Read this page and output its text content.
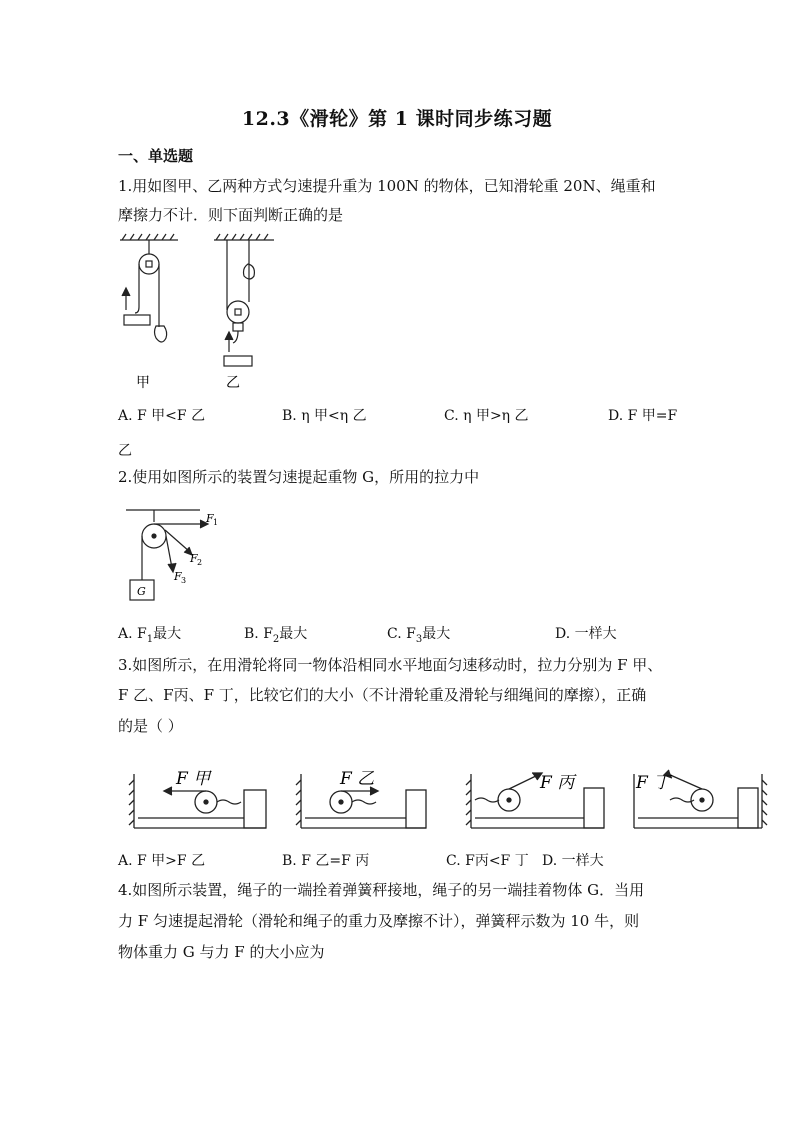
12.3《滑轮》第 1 课时同步练习题
一、单选题
1.用如图甲、乙两种方式匀速提升重为 100N 的物体，已知滑轮重 20N、绳重和
摩擦力不计．则下面判断正确的是
甲	乙
A. F 甲<F 乙	B. η 甲<η 乙	C. η 甲>η 乙	D. F 甲=F
乙
2.使用如图所示的装置匀速提起重物 G，所用的拉力中
F 1
F 2
F 3
G
A. $F_1$最大	B. $F_2$最大	C. $F_3$最大	D. 一样大
3.如图所示，在用滑轮将同一物体沿相同水平地面匀速移动时，拉力分别为 F 甲、
F 乙、F丙、F 丁，比较它们的大小（不计滑轮重及滑轮与细绳间的摩擦），正确
的是（ ）
F 甲	F 乙	F 丙	F 丁
A. F 甲>F 乙	B. F 乙=F 丙	C. F丙<F 丁 D. 一样大
4.如图所示装置，绳子的一端拴着弹簧秤接地，绳子的另一端挂着物体 G．当用
力 F 匀速提起滑轮（滑轮和绳子的重力及摩擦不计），弹簧秤示数为 10 牛，则
物体重力 G 与力 F 的大小应为
